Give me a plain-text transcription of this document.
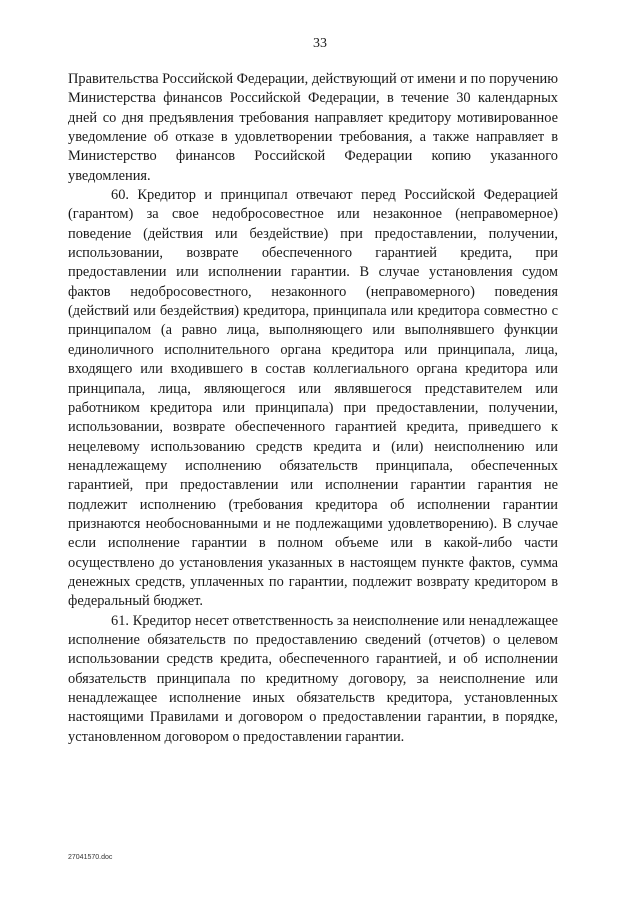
33

Правительства Российской Федерации, действующий от имени и по поручению Министерства финансов Российской Федерации, в течение 30 календарных дней со дня предъявления требования направляет кредитору мотивированное уведомление об отказе в удовлетворении требования, а также направляет в Министерство финансов Российской Федерации копию указанного уведомления.

60. Кредитор и принципал отвечают перед Российской Федерацией (гарантом) за свое недобросовестное или незаконное (неправомерное) поведение (действия или бездействие) при предоставлении, получении, использовании, возврате обеспеченного гарантией кредита, при предоставлении или исполнении гарантии. В случае установления судом фактов недобросовестного, незаконного (неправомерного) поведения (действий или бездействия) кредитора, принципала или кредитора совместно с принципалом (а равно лица, выполняющего или выполнявшего функции единоличного исполнительного органа кредитора или принципала, лица, входящего или входившего в состав коллегиального органа кредитора или принципала, лица, являющегося или являвшегося представителем или работником кредитора или принципала) при предоставлении, получении, использовании, возврате обеспеченного гарантией кредита, приведшего к нецелевому использованию средств кредита и (или) неисполнению или ненадлежащему исполнению обязательств принципала, обеспеченных гарантией, при предоставлении или исполнении гарантии гарантия не подлежит исполнению (требования кредитора об исполнении гарантии признаются необоснованными и не подлежащими удовлетворению). В случае если исполнение гарантии в полном объеме или в какой-либо части осуществлено до установления указанных в настоящем пункте фактов, сумма денежных средств, уплаченных по гарантии, подлежит возврату кредитором в федеральный бюджет.

61. Кредитор несет ответственность за неисполнение или ненадлежащее исполнение обязательств по предоставлению сведений (отчетов) о целевом использовании средств кредита, обеспеченного гарантией, и об исполнении обязательств принципала по кредитному договору, за неисполнение или ненадлежащее исполнение иных обязательств кредитора, установленных настоящими Правилами и договором о предоставлении гарантии, в порядке, установленном договором о предоставлении гарантии.

27041570.doc
